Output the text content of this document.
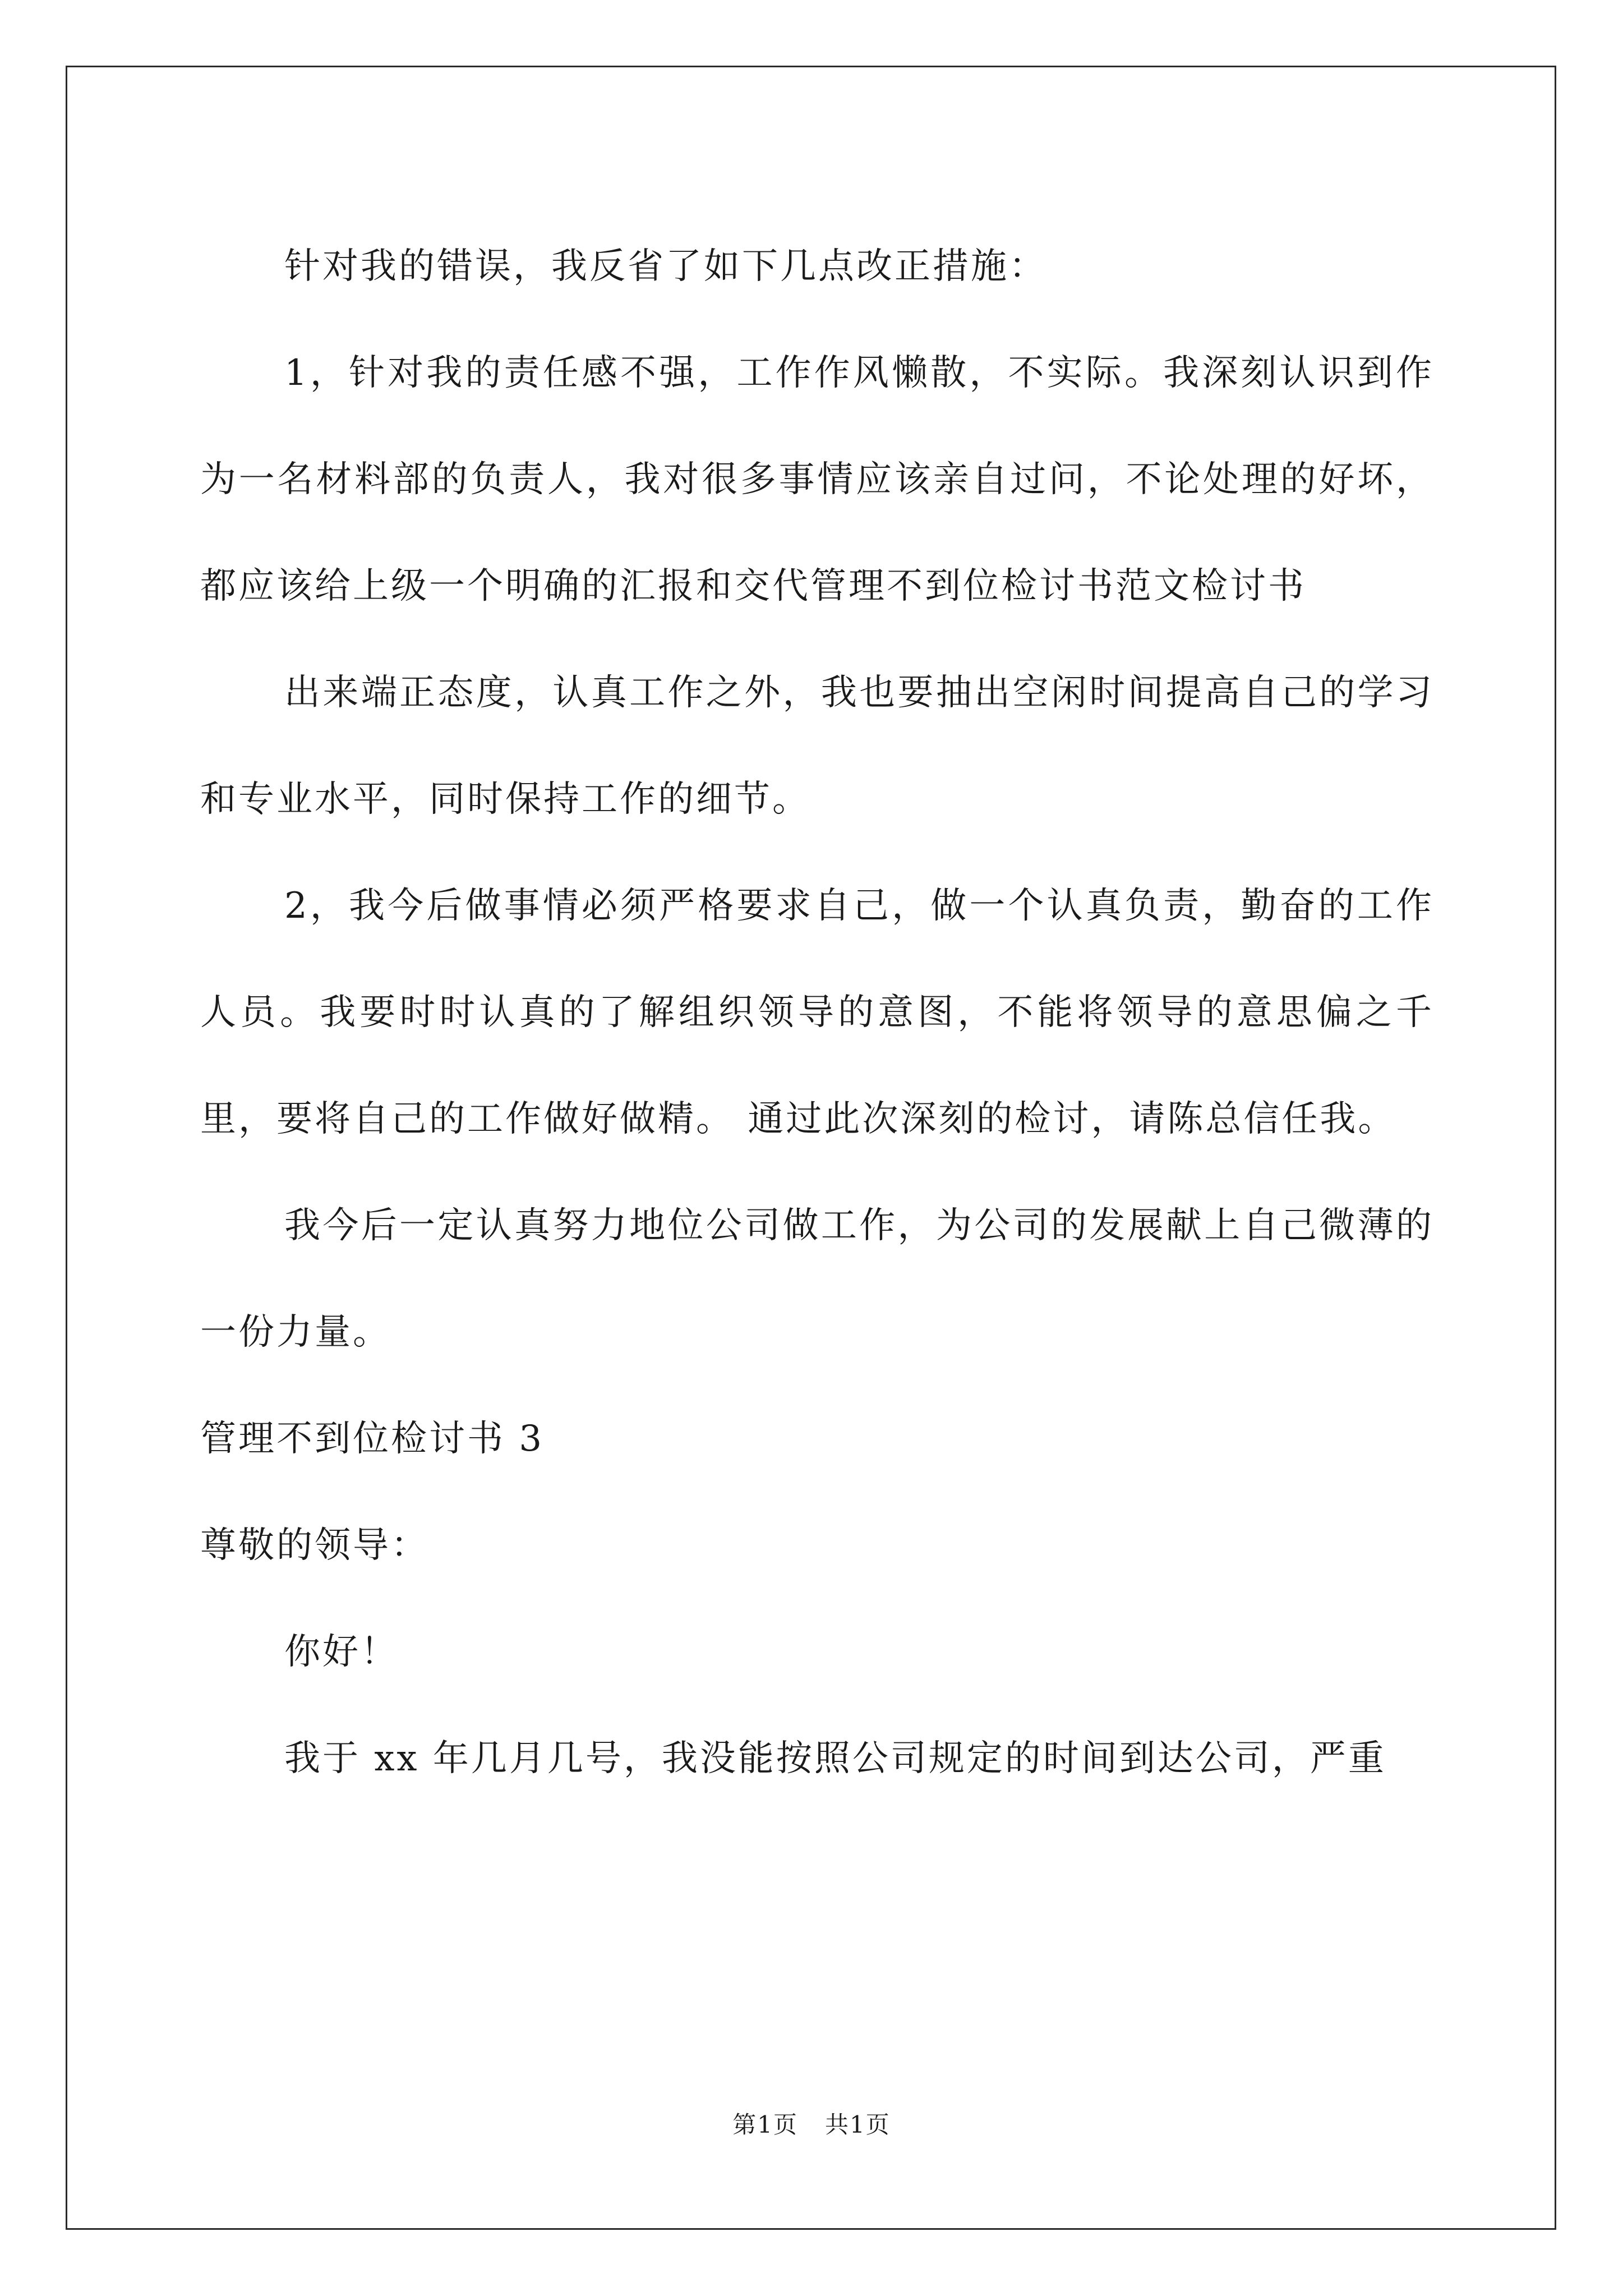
针对我的错误，我反省了如下几点改正措施：

1，针对我的责任感不强，工作作风懒散，不实际。我深刻认识到作为一名材料部的负责人，我对很多事情应该亲自过问，不论处理的好坏，都应该给上级一个明确的汇报和交代管理不到位检讨书范文检讨书

出来端正态度，认真工作之外，我也要抽出空闲时间提高自己的学习和专业水平，同时保持工作的细节。

2，我今后做事情必须严格要求自己，做一个认真负责，勤奋的工作人员。我要时时认真的了解组织领导的意图，不能将领导的意思偏之千里，要将自己的工作做好做精。 通过此次深刻的检讨，请陈总信任我。

我今后一定认真努力地位公司做工作，为公司的发展献上自己微薄的一份力量。

管理不到位检讨书 3

尊敬的领导：

你好！

我于 xx 年几月几号，我没能按照公司规定的时间到达公司，严重

第1页 共1页
